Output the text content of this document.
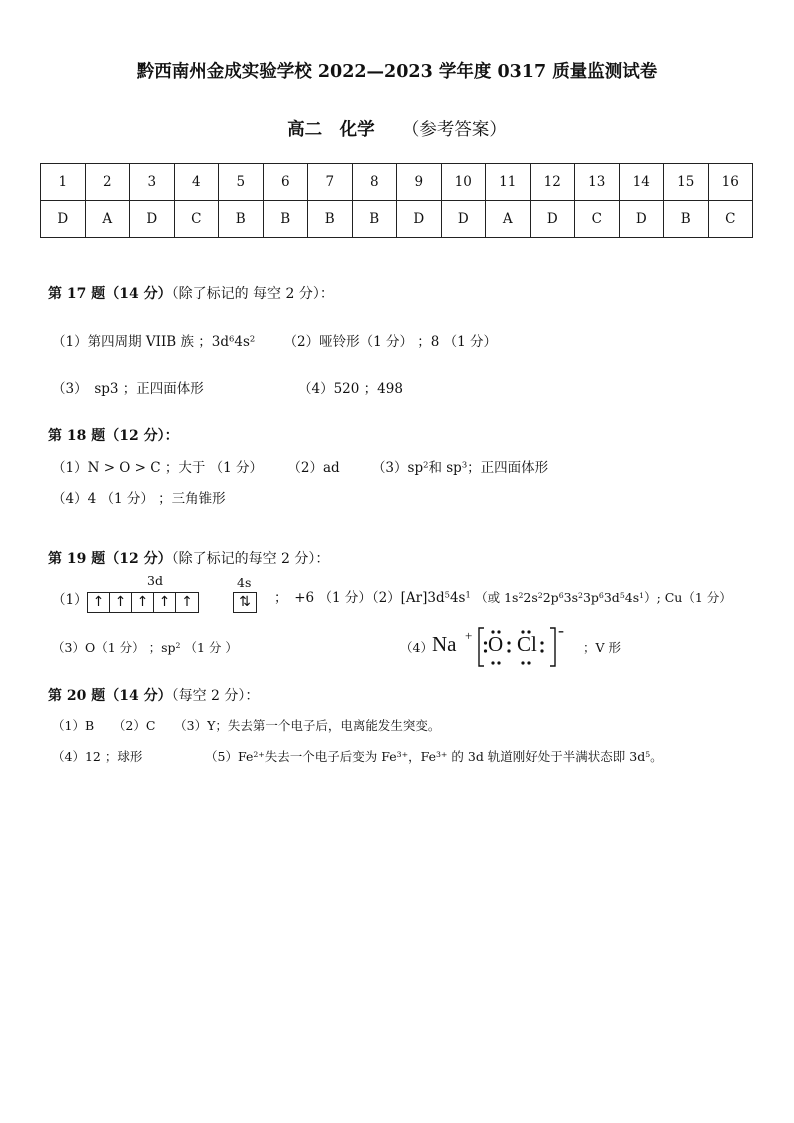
黔西南州金成实验学校 2022—2023 学年度 0317 质量监测试卷
高二　化学 （参考答案）
1	2	3	4	5	6	7	8	9	10	11	12	13	14	15	16
D	A	D	C	B	B	B	B	D	D	A	D	C	D	B	C
第 17 题（14 分）（除了标记的 每空 2 分）：
（1）第四周期 VIIB 族 ；$3d^64s^2$ （2）哑铃形（1 分） ；8 （1 分）
（3）　sp3 ；正四面体形	（4）520 ；498
第 18 题（12 分）：
（1）N > O > C ；大于 （1 分） （2）ad $(3)sp^2$和 $sp^3$；正四面体形
（4）4 （1 分） ；三角锥形
第 19 题（12 分）（除了标记的每空 2 分）：
（1）
3d	4s
↑ ↑ ↑ ↑ ↑	⇅	；　+6 （1 分）$(2)[Ar]3d^54s^1$ （或 $1s^22s^22p^63s^23p^63d^54s^1$）; Cu（1 分）
（3）O（1 分） ；$sp^2$ （1 分 ）	（4） Na + O Cl
-
；V 形
第 20 题（14 分）（每空 2 分）：
（1）B　　（2）C　　（3）Y；失去第一个电子后，电离能发生突变。
（4）12 ；球形	$(5)Fe^{2+}$失去一个电子后变为 $Fe^{3+}$，$Fe^{3+}$ 的 3d 轨道刚好处于半满状态即 $3d^5$。
